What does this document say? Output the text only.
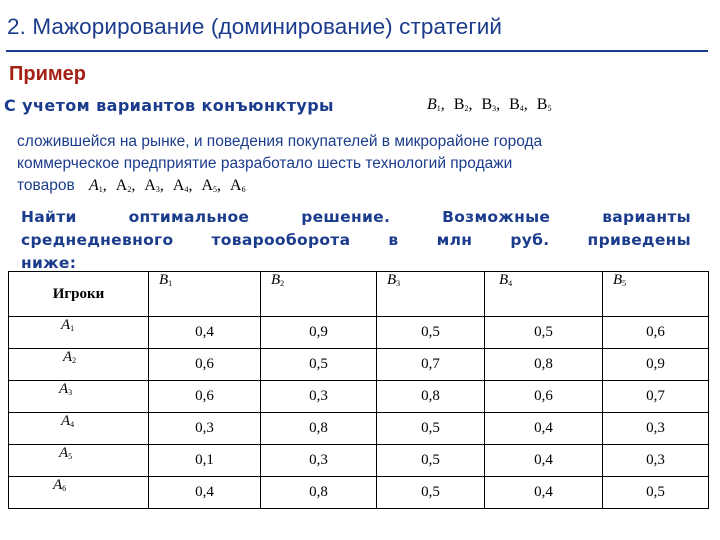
2. Мажорирование (доминирование) стратегий
Пример
С учетом вариантов конъюнктуры	$B_1$, $B_2$, $B_3$, $B_4$, $B_5$
сложившейся на рынке, и поведения покупателей в микрорайоне города
коммерческое предприятие разработало шесть технологий продажи
товаров $A_1$, $A_2$, $A_3$, $A_4$, $A_5$, $A_6$
Найти оптимальное решение. Возможные варианты
среднедневного товарооборота в млн руб. приведены
ниже:
Игроки	$B_1$	$B_2$	$B_3$	$B_4$	$B_5$
$A_1$	0,4	0,9	0,5	0,5	0,6
$A_2$	0,6	0,5	0,7	0,8	0,9
$A_3$	0,6	0,3	0,8	0,6	0,7
$A_4$	0,3	0,8	0,5	0,4	0,3
$A_5$	0,1	0,3	0,5	0,4	0,3
$A_6$	0,4	0,8	0,5	0,4	0,5
